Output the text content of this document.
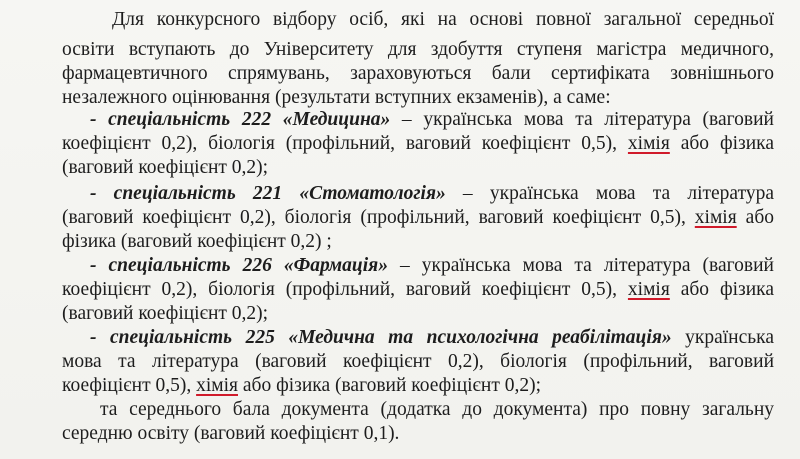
Для конкурсного відбору осіб, які на основі повної загальної середньої
освіти вступають до Університету для здобуття ступеня магістра медичного,
фармацевтичного спрямувань, зараховуються бали сертифіката зовнішнього
незалежного оцінювання (результати вступних екзаменів), а саме:
- спеціальність 222 «Медицина» – українська мова та література (ваговий
коефіцієнт 0,2), біологія (профільний, ваговий коефіцієнт 0,5), хімія або фізика
(ваговий коефіцієнт 0,2);
- спеціальність 221 «Стоматологія» – українська мова та література
(ваговий коефіцієнт 0,2), біологія (профільний, ваговий коефіцієнт 0,5), хімія або
фізика (ваговий коефіцієнт 0,2) ;
- спеціальність 226 «Фармація» – українська мова та література (ваговий
коефіцієнт 0,2), біологія (профільний, ваговий коефіцієнт 0,5), хімія або фізика
(ваговий коефіцієнт 0,2);
- спеціальність 225 «Медична та психологічна реабілітація» українська
мова та література (ваговий коефіцієнт 0,2), біологія (профільний, ваговий
коефіцієнт 0,5), хімія або фізика (ваговий коефіцієнт 0,2);
та середнього бала документа (додатка до документа) про повну загальну
середню освіту (ваговий коефіцієнт 0,1).
